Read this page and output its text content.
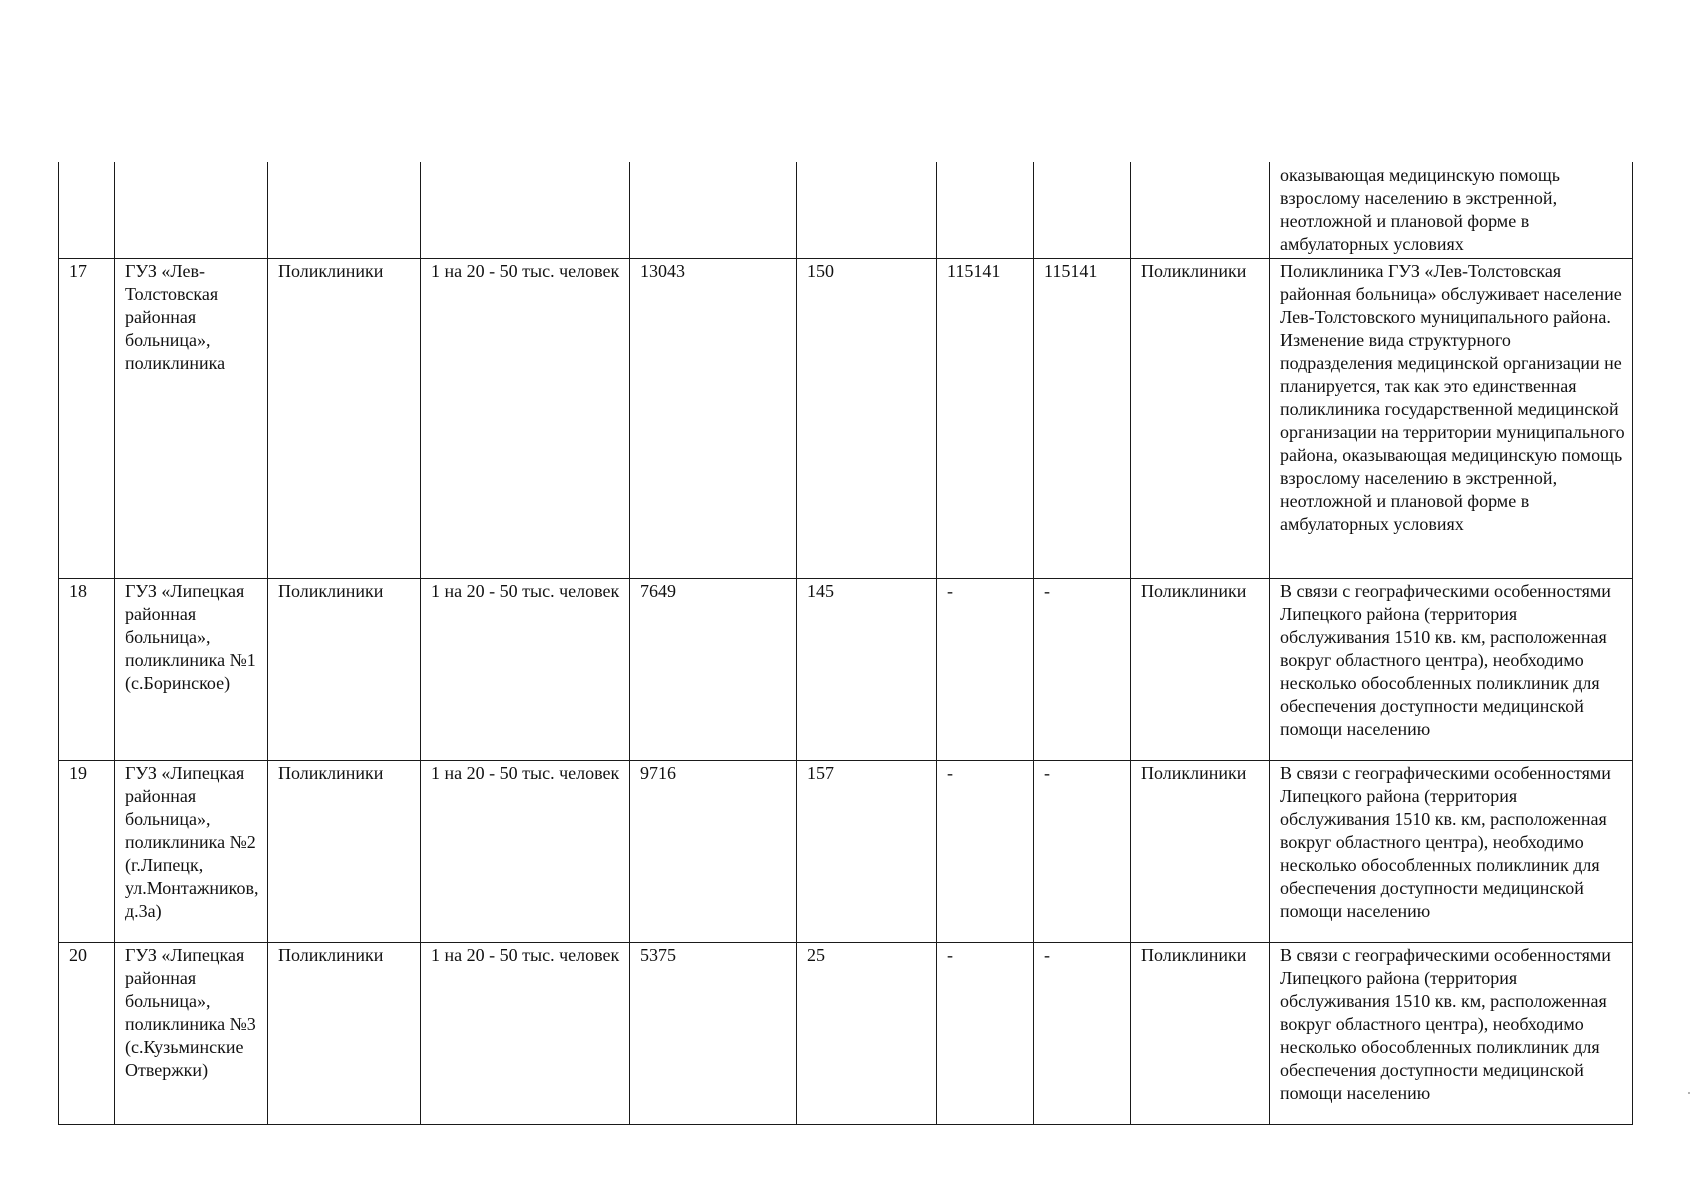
									оказывающая медицинскую помощь взрослому населению в экстренной, неотложной и плановой форме в амбулаторных условиях
17	ГУЗ «Лев-Толстовская районная больница», поликлиника	Поликлиники	1 на 20 - 50 тыс. человек	13043	150	115141	115141	Поликлиники	Поликлиника ГУЗ «Лев-Толстовская районная больница» обслуживает население Лев-Толстовского муниципального района. Изменение вида структурного подразделения медицинской организации не планируется, так как это единственная поликлиника государственной медицинской организации на территории муниципального района, оказывающая медицинскую помощь взрослому населению в экстренной, неотложной и плановой форме в амбулаторных условиях
18	ГУЗ «Липецкая районная больница», поликлиника №1 (с.Боринское)	Поликлиники	1 на 20 - 50 тыс. человек	7649	145	-	-	Поликлиники	В связи с географическими особенностями Липецкого района (территория обслуживания 1510 кв. км, расположенная вокруг областного центра), необходимо несколько обособленных поликлиник для обеспечения доступности медицинской помощи населению
19	ГУЗ «Липецкая районная больница», поликлиника №2 (г.Липецк, ул.Монтажников, д.3а)	Поликлиники	1 на 20 - 50 тыс. человек	9716	157	-	-	Поликлиники	В связи с географическими особенностями Липецкого района (территория обслуживания 1510 кв. км, расположенная вокруг областного центра), необходимо несколько обособленных поликлиник для обеспечения доступности медицинской помощи населению
20	ГУЗ «Липецкая районная больница», поликлиника №3 (с.Кузьминские Отвержки)	Поликлиники	1 на 20 - 50 тыс. человек	5375	25	-	-	Поликлиники	В связи с географическими особенностями Липецкого района (территория обслуживания 1510 кв. км, расположенная вокруг областного центра), необходимо несколько обособленных поликлиник для обеспечения доступности медицинской помощи населению
